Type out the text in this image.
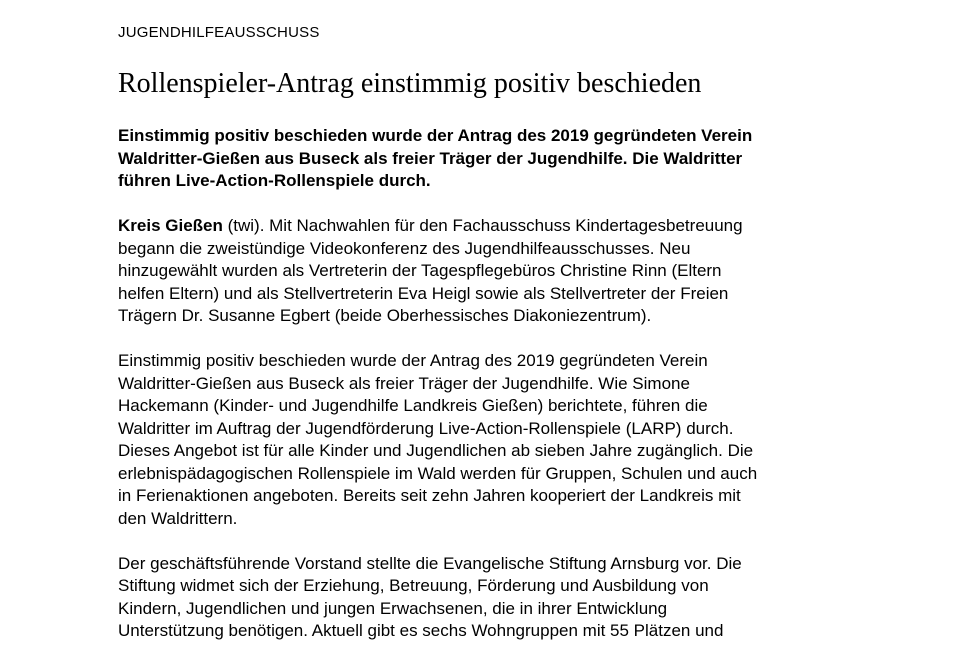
JUGENDHILFEAUSSCHUSS
Rollenspieler-Antrag einstimmig positiv beschieden

Einstimmig positiv beschieden wurde der Antrag des 2019 gegründeten Verein
Waldritter-Gießen aus Buseck als freier Träger der Jugendhilfe. Die Waldritter
führen Live-Action-Rollenspiele durch.

Kreis Gießen (twi). Mit Nachwahlen für den Fachausschuss Kindertagesbetreuung
begann die zweistündige Videokonferenz des Jugendhilfeausschusses. Neu
hinzugewählt wurden als Vertreterin der Tagespflegebüros Christine Rinn (Eltern
helfen Eltern) und als Stellvertreterin Eva Heigl sowie als Stellvertreter der Freien
Trägern Dr. Susanne Egbert (beide Oberhessisches Diakoniezentrum).

Einstimmig positiv beschieden wurde der Antrag des 2019 gegründeten Verein
Waldritter-Gießen aus Buseck als freier Träger der Jugendhilfe. Wie Simone
Hackemann (Kinder- und Jugendhilfe Landkreis Gießen) berichtete, führen die
Waldritter im Auftrag der Jugendförderung Live-Action-Rollenspiele (LARP) durch.
Dieses Angebot ist für alle Kinder und Jugendlichen ab sieben Jahre zugänglich. Die
erlebnispädagogischen Rollenspiele im Wald werden für Gruppen, Schulen und auch
in Ferienaktionen angeboten. Bereits seit zehn Jahren kooperiert der Landkreis mit
den Waldrittern.

Der geschäftsführende Vorstand stellte die Evangelische Stiftung Arnsburg vor. Die
Stiftung widmet sich der Erziehung, Betreuung, Förderung und Ausbildung von
Kindern, Jugendlichen und jungen Erwachsenen, die in ihrer Entwicklung
Unterstützung benötigen. Aktuell gibt es sechs Wohngruppen mit 55 Plätzen und
